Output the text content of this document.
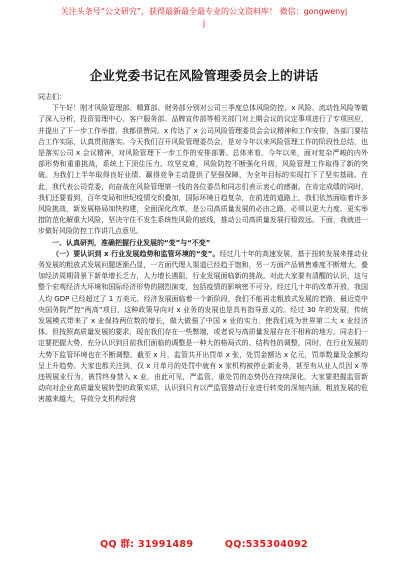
关注头条号“公文研究”，获得最新最全最专业的公文资料库！ 微信：gongwenyj
j
企业党委书记在风险管理委员会上的讲话

同志们：

下午好！刚才风险管理部、精算部、财务部分别对公司三季度总体风险防控、x 风险、流动性风险等做了深入分析，投资管理中心、客户服务部、品牌宣传部等相关部门对上期会议的议定事项进行了专项回应，并提出了下一步工作举措，我都很赞同。x 传达了 x 公司风险管理委员会会议精神和工作安排，各部门要结合工作实际，认真贯彻落实。今天我们召开风险管理委员会，是对今年以来风险管理工作的阶段性总结，也是落实公司 x 会议精神，对风险管理下一步工作的安排部署。总体来看，今年以来，面对复杂严峻的内外部形势和重重挑战，系统上下顶住压力、攻坚克难，风险防控不断强化升级，风险管理工作取得了新的突破。为我们上半年取得良好业绩、赢得竞争主动提供了坚强保障，为全年目标的实现打下了坚实基础。在此，我代表公司党委，向奋战在风险管理第一线的各位委员和同志们表示衷心的感谢。在肯定成绩的同时，我们还要看到，百年变局和世纪疫情交织叠加，国际环境日趋复杂，在前进的道路上，我们依然面临着许多风险挑战，新发展格局加快构建，全面深化改革，是公司高质量发展的必由之路，必须以更大力度、更实举措防范化解重大风险，坚决守住不发生系统性风险的底线，推动公司高质量发展行稳致远。下面，我就进一步做好风险防控工作讲几点意见。

一、认真研判，准确把握行业发展的“变”与“不变”

（一）要认识到 x 行业发展趋势和监管环境的“变”。经过几十年的高速发展，基于扭转发展来推动业务发展的粗放式发展问题逐渐凸显，一方面代理人渠道已经趋于饱和，另一方面产品销售难度不断增大，叠加经济周期背景下新单增长乏力，人力增长遇阻，行业发展面临新的挑战。对此大家要有清醒的认识，这与整个宏观经济大环境和国际经济形势的剧烈演变，包括疫情的影响密不可分。经过几十年的改革开放，我国人均 GDP 已经超过了 1 万美元，经济发展面临着一个新阶段，我们不能再走粗放式发展的老路，最近党中央国务院严控“两高”项目，这种政策导向对 x 业务的发展也是具有指导意义的。经过 30 年的发展，传统发展模式带来了 x 业保持两位数的增长，做大做强了中国 x 业的实力，使我们成为世界第二大 x 业经济体。但按照高质量发展的要求，现在我们存在一些弊端，或者说与高质量发展存在不相称的地方。同志们一定要把握大势，充分认识到目前我们面临的调整是一种大的格局式的、结构性的调整，同时，在行业发展的大势下监管环境也在不断调整。截至 x 月，监管共开出罚单 x 张，处罚金额达 x 亿元，罚单数量及金额均呈上升趋势。大家也都关注到，仅 x 月单月的处罚中就有 x 家机构被停止新业务，甚至有从业人员因 x 等违规展业行为，被罚终身禁入 x 业，由此可见，严监管、重处罚的态势仍在持续深化，大家要把握监管新动向对企业高质量发展转型的政策实质，认识到只有以严监管推动行业进行转变的深刻内涵，粗放发展的危害越来越大，导致分支机构经营

QQ 群: 31991489	QQ:535304092
